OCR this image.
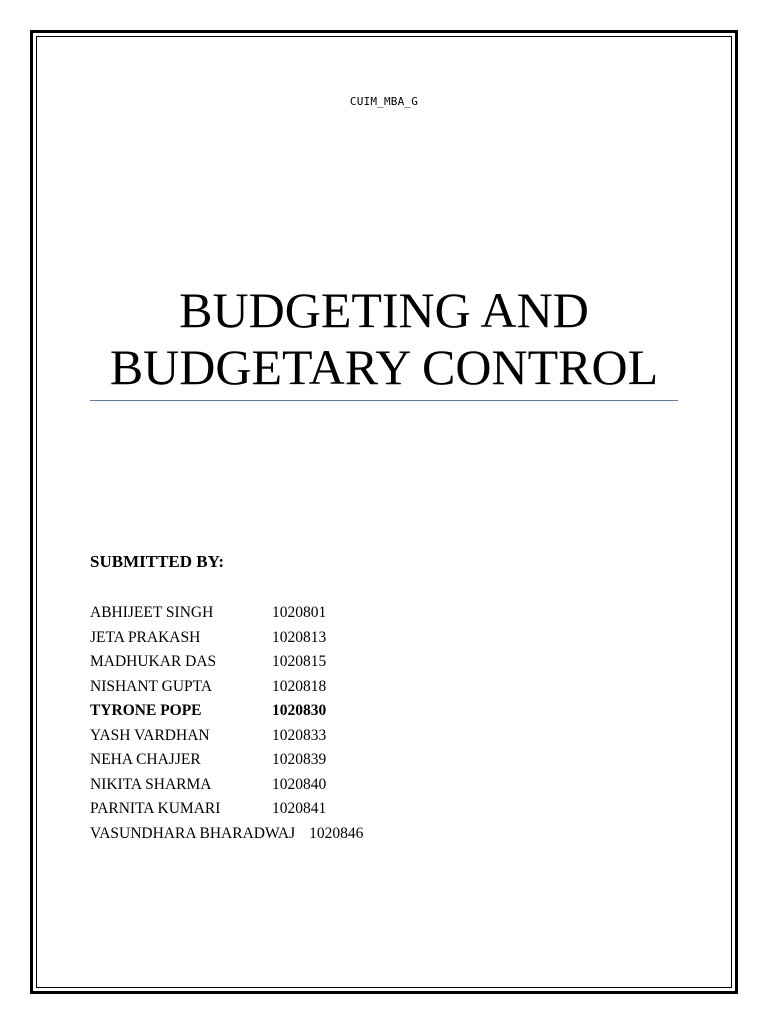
CUIM_MBA_G
BUDGETING AND
BUDGETARY CONTROL
SUBMITTED BY:
ABHIJEET SINGH	1020801
JETA PRAKASH	1020813
MADHUKAR DAS	1020815
NISHANT GUPTA	1020818
TYRONE POPE	1020830
YASH VARDHAN	1020833
NEHA CHAJJER	1020839
NIKITA SHARMA	1020840
PARNITA KUMARI	1020841
VASUNDHARA BHARADWAJ 1020846
